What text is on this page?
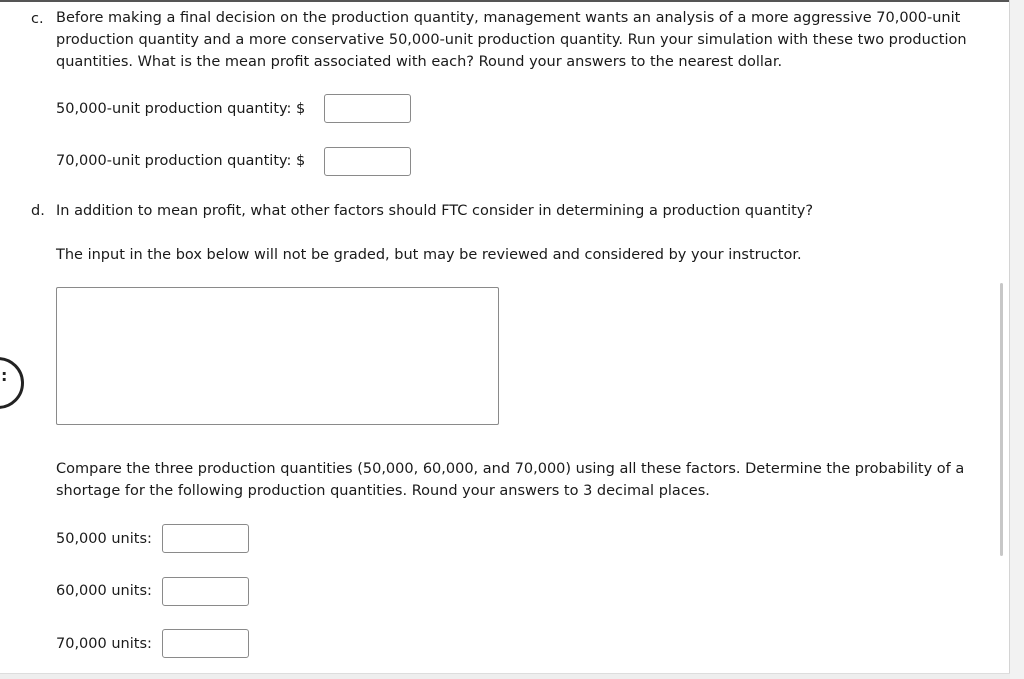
:
c. Before making a final decision on the production quantity, management wants an analysis of a more aggressive 70,000-unit production quantity and a more conservative 50,000-unit production quantity. Run your simulation with these two production quantities. What is the mean profit associated with each? Round your answers to the nearest dollar.
50,000-unit production quantity: $
70,000-unit production quantity: $
d. In addition to mean profit, what other factors should FTC consider in determining a production quantity?
The input in the box below will not be graded, but may be reviewed and considered by your instructor.
Compare the three production quantities (50,000, 60,000, and 70,000) using all these factors. Determine the probability of a shortage for the following production quantities. Round your answers to 3 decimal places.
50,000 units:
60,000 units:
70,000 units:
